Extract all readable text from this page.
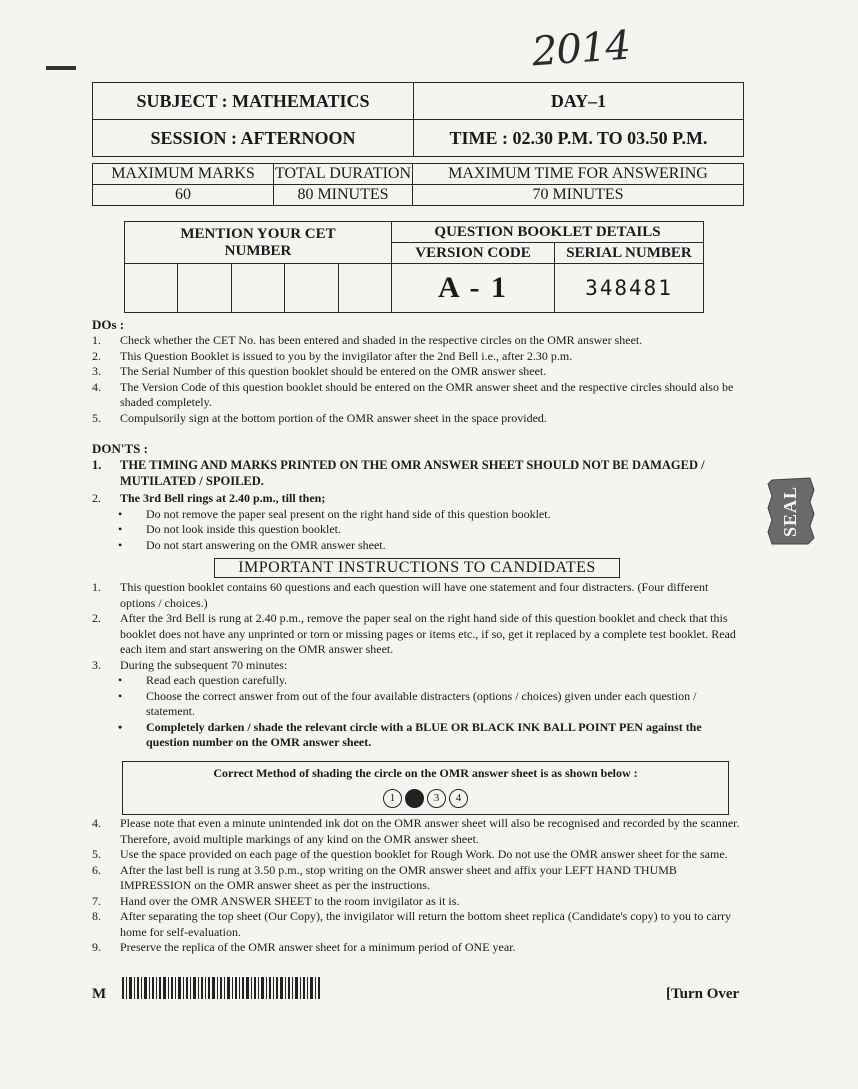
2014
SUBJECT : MATHEMATICS	DAY–1
SESSION : AFTERNOON	TIME : 02.30 P.M. TO 03.50 P.M.
MAXIMUM MARKS	TOTAL DURATION	MAXIMUM TIME FOR ANSWERING
60	80 MINUTES	70 MINUTES
MENTION YOUR CET NUMBER					QUESTION BOOKLET DETAILS	
					VERSION CODE	SERIAL NUMBER
					A - 1	348481
DOs :
1. Check whether the CET No. has been entered and shaded in the respective circles on the OMR answer sheet.
2. This Question Booklet is issued to you by the invigilator after the 2nd Bell i.e., after 2.30 p.m.
3. The Serial Number of this question booklet should be entered on the OMR answer sheet.
4. The Version Code of this question booklet should be entered on the OMR answer sheet and the respective circles should also be shaded completely.
5. Compulsorily sign at the bottom portion of the OMR answer sheet in the space provided.
DON'TS :
1. THE TIMING AND MARKS PRINTED ON THE OMR ANSWER SHEET SHOULD NOT BE DAMAGED / MUTILATED / SPOILED.
2. The 3rd Bell rings at 2.40 p.m., till then;
• Do not remove the paper seal present on the right hand side of this question booklet.
• Do not look inside this question booklet.
• Do not start answering on the OMR answer sheet.
IMPORTANT INSTRUCTIONS TO CANDIDATES
1. This question booklet contains 60 questions and each question will have one statement and four distracters. (Four different options / choices.)
2. After the 3rd Bell is rung at 2.40 p.m., remove the paper seal on the right hand side of this question booklet and check that this booklet does not have any unprinted or torn or missing pages or items etc., if so, get it replaced by a complete test booklet. Read each item and start answering on the OMR answer sheet.
3. During the subsequent 70 minutes:
• Read each question carefully.
• Choose the correct answer from out of the four available distracters (options / choices) given under each question / statement.
• Completely darken / shade the relevant circle with a BLUE OR BLACK INK BALL POINT PEN against the question number on the OMR answer sheet.
Correct Method of shading the circle on the OMR answer sheet is as shown below :
1	3	4
4. Please note that even a minute unintended ink dot on the OMR answer sheet will also be recognised and recorded by the scanner. Therefore, avoid multiple markings of any kind on the OMR answer sheet.
5. Use the space provided on each page of the question booklet for Rough Work. Do not use the OMR answer sheet for the same.
6. After the last bell is rung at 3.50 p.m., stop writing on the OMR answer sheet and affix your LEFT HAND THUMB IMPRESSION on the OMR answer sheet as per the instructions.
7. Hand over the OMR ANSWER SHEET to the room invigilator as it is.
8. After separating the top sheet (Our Copy), the invigilator will return the bottom sheet replica (Candidate's copy) to you to carry home for self-evaluation.
9. Preserve the replica of the OMR answer sheet for a minimum period of ONE year.
SEAL
M	[Turn Over
